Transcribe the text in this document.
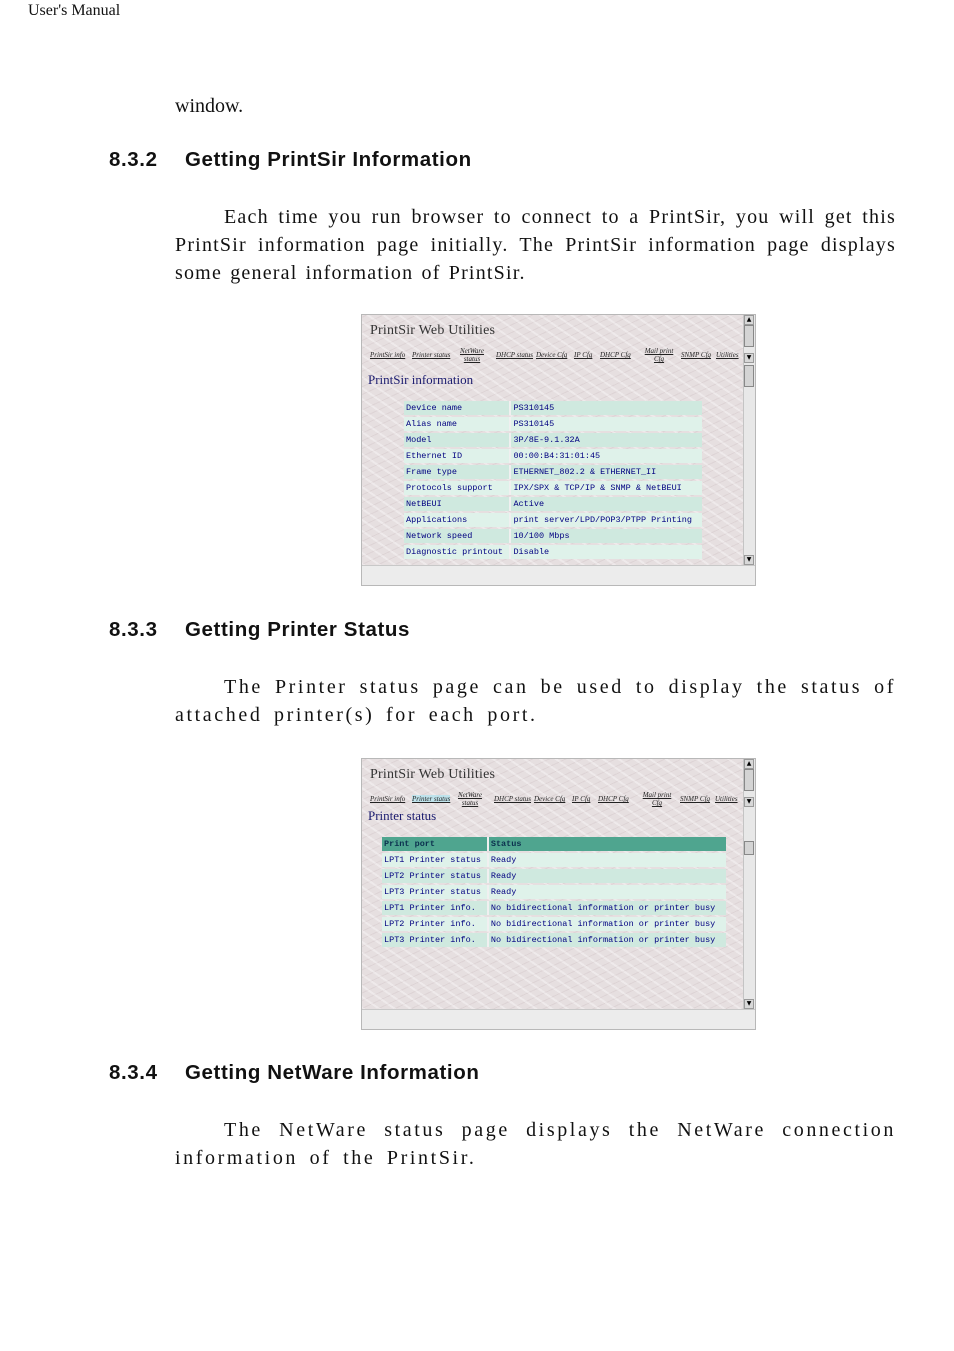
User's Manual

window.

8.3.2 Getting PrintSir Information

Each time you run browser to connect to a PrintSir, you will get this PrintSir information page initially. The PrintSir information page displays some general information of PrintSir.

PrintSir Web Utilities
PrintSir info Printer status NetWare status	DHCP status Device Cfg IP Cfg DHCP Cfg Mail print Cfg	SNMP Cfg Utilities
PrintSir information
Device name	PS310145
Alias name	PS310145
Model	3P/8E-9.1.32A
Ethernet ID	00:00:B4:31:01:45
Frame type	ETHERNET_802.2 & ETHERNET_II
Protocols support	IPX/SPX & TCP/IP & SNMP & NetBEUI
NetBEUI	Active
Applications	print server/LPD/POP3/PTPP Printing
Network speed	10/100 Mbps
Diagnostic printout	Disable
▲
▼
▼
8.3.3 Getting Printer Status

The Printer status page can be used to display the status of attached printer(s) for each port.

PrintSir Web Utilities
PrintSir info Printer status NetWare status	DHCP status Device Cfg IP Cfg DHCP Cfg Mail print Cfg	SNMP Cfg Utilities
Printer status
Print port	Status
LPT1 Printer status	Ready
LPT2 Printer status	Ready
LPT3 Printer status	Ready
LPT1 Printer info.	No bidirectional information or printer busy
LPT2 Printer info.	No bidirectional information or printer busy
LPT3 Printer info.	No bidirectional information or printer busy
▲
▼
▼
8.3.4 Getting NetWare Information

The NetWare status page displays the NetWare connection information of the PrintSir.
